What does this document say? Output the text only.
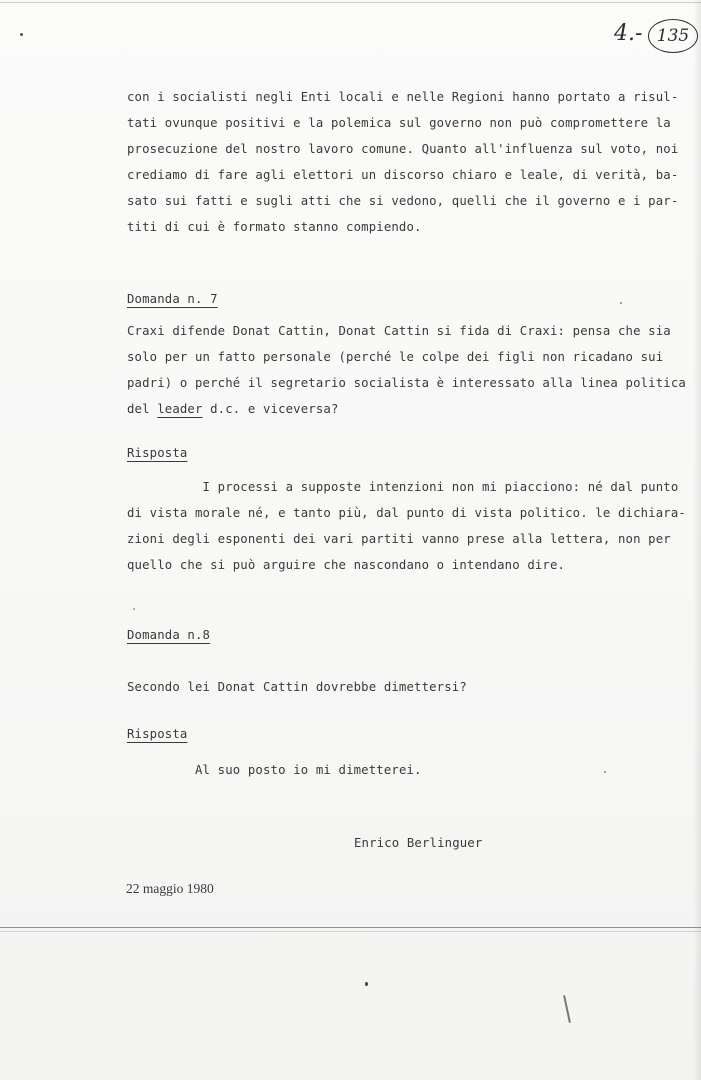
4.- 135

con i socialisti negli Enti locali e nelle Regioni hanno portato a risul-

tati ovunque positivi e la polemica sul governo non può compromettere la

prosecuzione del nostro lavoro comune. Quanto all'influenza sul voto, noi

crediamo di fare agli elettori un discorso chiaro e leale, di verità, ba-

sato sui fatti e sugli atti che si vedono, quelli che il governo e i par-

titi di cui è formato stanno compiendo.

Domanda n. 7

Craxi difende Donat Cattin, Donat Cattin si fida di Craxi: pensa che sia

solo per un fatto personale (perché le colpe dei figli non ricadano sui

padri) o perché il segretario socialista è interessato alla linea politica

del leader d.c. e viceversa?

Risposta

I processi a supposte intenzioni non mi piacciono: né dal punto

di vista morale né, e tanto più, dal punto di vista politico. le dichiara-

zioni degli esponenti dei vari partiti vanno prese alla lettera, non per

quello che si può arguire che nascondano o intendano dire.

Domanda n.8

Secondo lei Donat Cattin dovrebbe dimettersi?

Risposta

Al suo posto io mi dimetterei.

Enrico Berlinguer

22 maggio 1980
